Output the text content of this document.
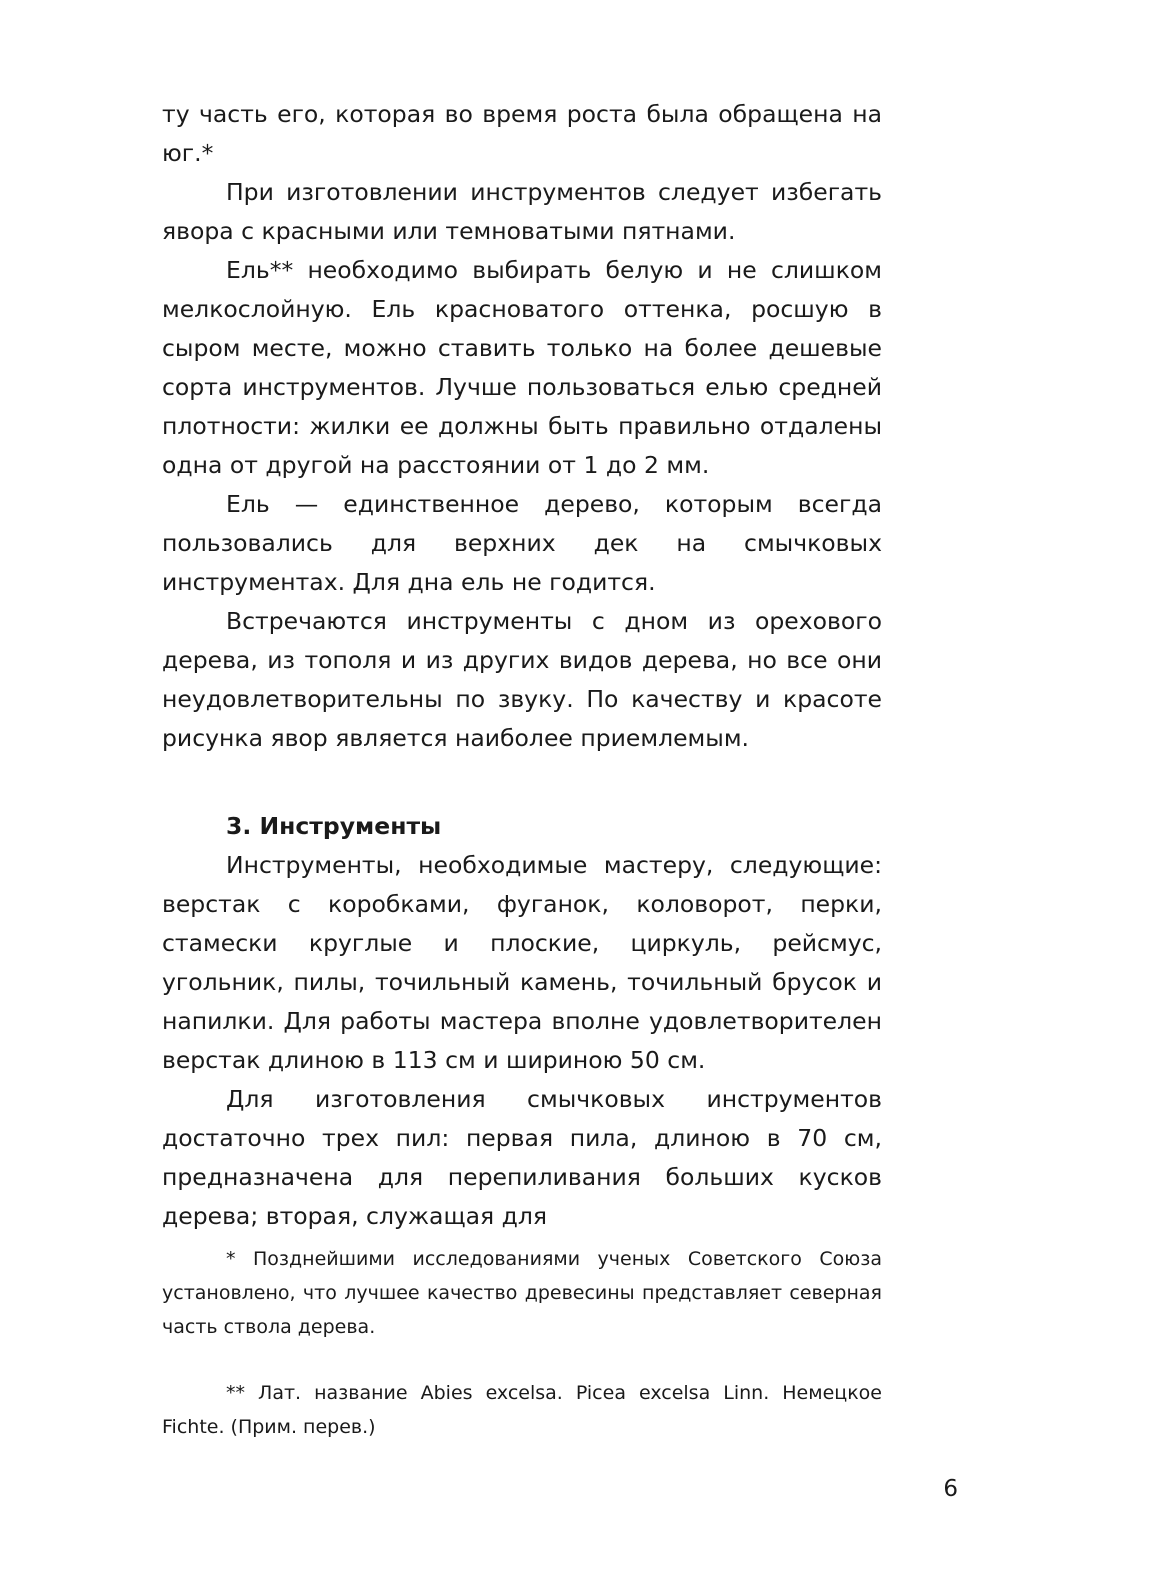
ту часть его, которая во время роста была обращена на юг.*

При изготовлении инструментов следует избегать явора с красными или темноватыми пятнами.

Ель** необходимо выбирать белую и не слишком мелкослойную. Ель красноватого оттенка, росшую в сыром месте, можно ставить только на более дешевые сорта инструментов. Лучше пользоваться елью средней плотности: жилки ее должны быть правильно отдалены одна от другой на расстоянии от 1 до 2 мм.

Ель — единственное дерево, которым всегда пользовались для верхних дек на смычковых инструментах. Для дна ель не годится.

Встречаются инструменты с дном из орехового дерева, из тополя и из других видов дерева, но все они неудовлетворительны по звуку. По качеству и красоте рисунка явор является наиболее приемлемым.

3. Инструменты

Инструменты, необходимые мастеру, следующие: верстак с коробками, фуганок, коловорот, перки, стамески круглые и плоские, циркуль, рейсмус, угольник, пилы, точильный камень, точильный брусок и напилки. Для работы мастера вполне удовлетворителен верстак длиною в 113 см и шириною 50 см.

Для изготовления смычковых инструментов достаточно трех пил: первая пила, длиною в 70 см, предназначена для перепиливания больших кусков дерева; вторая, служащая для

* Позднейшими исследованиями ученых Советского Союза установлено, что лучшее качество древесины представляет северная часть ствола дерева.

** Лат. название Abies excelsa. Picea excelsa Linn. Немецкое Fichte. (Прим. перев.)

6
